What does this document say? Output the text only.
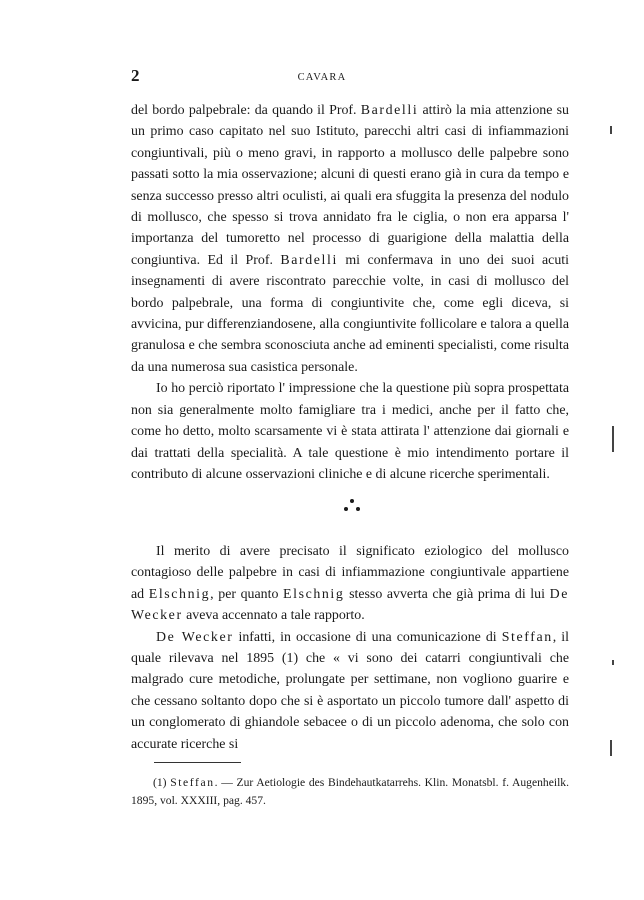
2	CAVARA

del bordo palpebrale: da quando il Prof. Bardelli attirò la mia attenzione su un primo caso capitato nel suo Istituto, parecchi altri casi di infiammazioni congiuntivali, più o meno gravi, in rapporto a mollusco delle palpebre sono passati sotto la mia osservazione; alcuni di questi erano già in cura da tempo e senza successo presso altri oculisti, ai quali era sfuggita la presenza del nodulo di mollusco, che spesso si trova annidato fra le ciglia, o non era apparsa l' importanza del tumoretto nel processo di guarigione della malattia della congiuntiva. Ed il Prof. Bardelli mi confermava in uno dei suoi acuti insegnamenti di avere riscontrato parecchie volte, in casi di mollusco del bordo palpebrale, una forma di congiuntivite che, come egli diceva, si avvicina, pur differenziandosene, alla congiuntivite follicolare e talora a quella granulosa e che sembra sconosciuta anche ad eminenti specialisti, come risulta da una numerosa sua casistica personale.

Io ho perciò riportato l' impressione che la questione più sopra prospettata non sia generalmente molto famigliare tra i medici, anche per il fatto che, come ho detto, molto scarsamente vi è stata attirata l' attenzione dai giornali e dai trattati della specialità. A tale questione è mio intendimento portare il contributo di alcune osservazioni cliniche e di alcune ricerche sperimentali.

Il merito di avere precisato il significato eziologico del mollusco contagioso delle palpebre in casi di infiammazione congiuntivale appartiene ad Elschnig, per quanto Elschnig stesso avverta che già prima di lui De Wecker aveva accennato a tale rapporto.

De Wecker infatti, in occasione di una comunicazione di Steffan, il quale rilevava nel 1895 (1) che « vi sono dei catarri congiuntivali che malgrado cure metodiche, prolungate per settimane, non vogliono guarire e che cessano soltanto dopo che si è asportato un piccolo tumore dall' aspetto di un conglomerato di ghiandole sebacee o di un piccolo adenoma, che solo con accurate ricerche si

(1) Steffan. — Zur Aetiologie des Bindehautkatarrehs. Klin. Monatsbl. f. Augenheilk. 1895, vol. XXXIII, pag. 457.
